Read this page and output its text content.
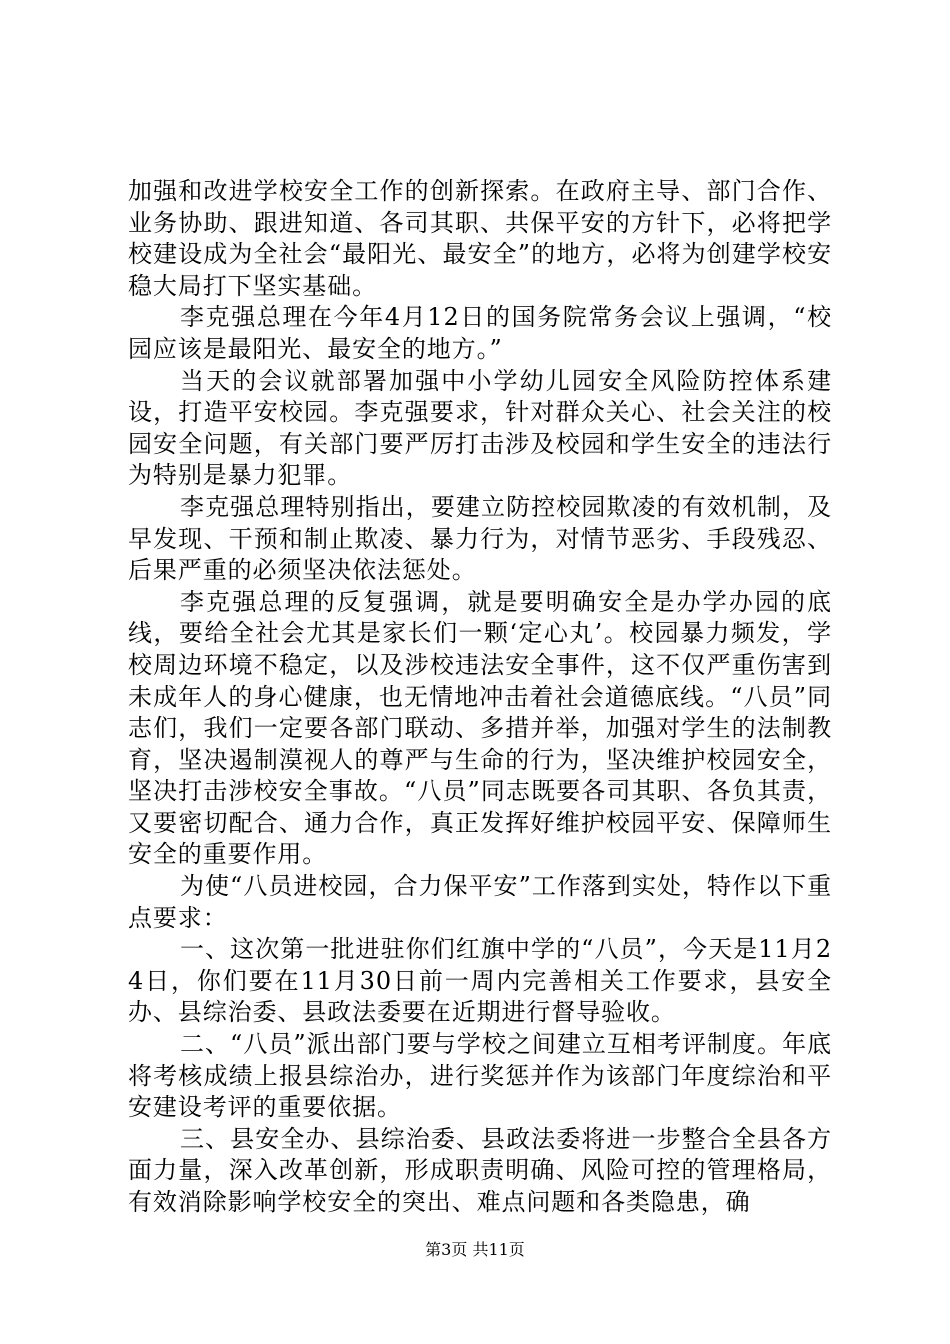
加强和改进学校安全工作的创新探索。在政府主导、部门合作、业务协助、跟进知道、各司其职、共保平安的方针下，必将把学校建设成为全社会“最阳光、最安全”的地方，必将为创建学校安稳大局打下坚实基础。

李克强总理在今年4月12日的国务院常务会议上强调，“校园应该是最阳光、最安全的地方。”

当天的会议就部署加强中小学幼儿园安全风险防控体系建设，打造平安校园。李克强要求，针对群众关心、社会关注的校园安全问题，有关部门要严厉打击涉及校园和学生安全的违法行为特别是暴力犯罪。

李克强总理特别指出，要建立防控校园欺凌的有效机制，及早发现、干预和制止欺凌、暴力行为，对情节恶劣、手段残忍、后果严重的必须坚决依法惩处。

李克强总理的反复强调，就是要明确安全是办学办园的底线，要给全社会尤其是家长们一颗‘定心丸’。校园暴力频发，学校周边环境不稳定，以及涉校违法安全事件，这不仅严重伤害到未成年人的身心健康，也无情地冲击着社会道德底线。“八员”同志们，我们一定要各部门联动、多措并举，加强对学生的法制教育，坚决遏制漠视人的尊严与生命的行为，坚决维护校园安全，坚决打击涉校安全事故。“八员”同志既要各司其职、各负其责，又要密切配合、通力合作，真正发挥好维护校园平安、保障师生安全的重要作用。

为使“八员进校园，合力保平安”工作落到实处，特作以下重点要求：

一、这次第一批进驻你们红旗中学的“八员”，今天是11月24日，你们要在11月30日前一周内完善相关工作要求，县安全办、县综治委、县政法委要在近期进行督导验收。

二、“八员”派出部门要与学校之间建立互相考评制度。年底将考核成绩上报县综治办，进行奖惩并作为该部门年度综治和平安建设考评的重要依据。

三、县安全办、县综治委、县政法委将进一步整合全县各方面力量，深入改革创新，形成职责明确、风险可控的管理格局，有效消除影响学校安全的突出、难点问题和各类隐患，确

第3页 共11页
